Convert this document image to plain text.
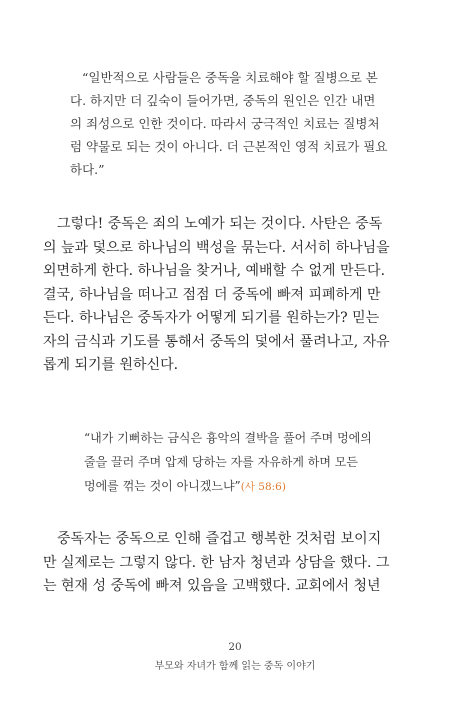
“일반적으로 사람들은 중독을 치료해야 할 질병으로 본
다. 하지만 더 깊숙이 들어가면, 중독의 원인은 인간 내면
의 죄성으로 인한 것이다. 따라서 궁극적인 치료는 질병처
럼 약물로 되는 것이 아니다. 더 근본적인 영적 치료가 필요
하다.”
그렇다! 중독은 죄의 노예가 되는 것이다. 사탄은 중독
의 늪과 덫으로 하나님의 백성을 묶는다. 서서히 하나님을
외면하게 한다. 하나님을 찾거나, 예배할 수 없게 만든다.
결국, 하나님을 떠나고 점점 더 중독에 빠져 피폐하게 만
든다. 하나님은 중독자가 어떻게 되기를 원하는가? 믿는
자의 금식과 기도를 통해서 중독의 덫에서 풀려나고, 자유
롭게 되기를 원하신다.
“내가 기뻐하는 금식은 흉악의 결박을 풀어 주며 멍에의
줄을 끌러 주며 압제 당하는 자를 자유하게 하며 모든
멍에를 꺾는 것이 아니겠느냐”(사 58:6)
중독자는 중독으로 인해 즐겁고 행복한 것처럼 보이지
만 실제로는 그렇지 않다. 한 남자 청년과 상담을 했다. 그
는 현재 성 중독에 빠져 있음을 고백했다. 교회에서 청년
20
부모와 자녀가 함께 읽는 중독 이야기
